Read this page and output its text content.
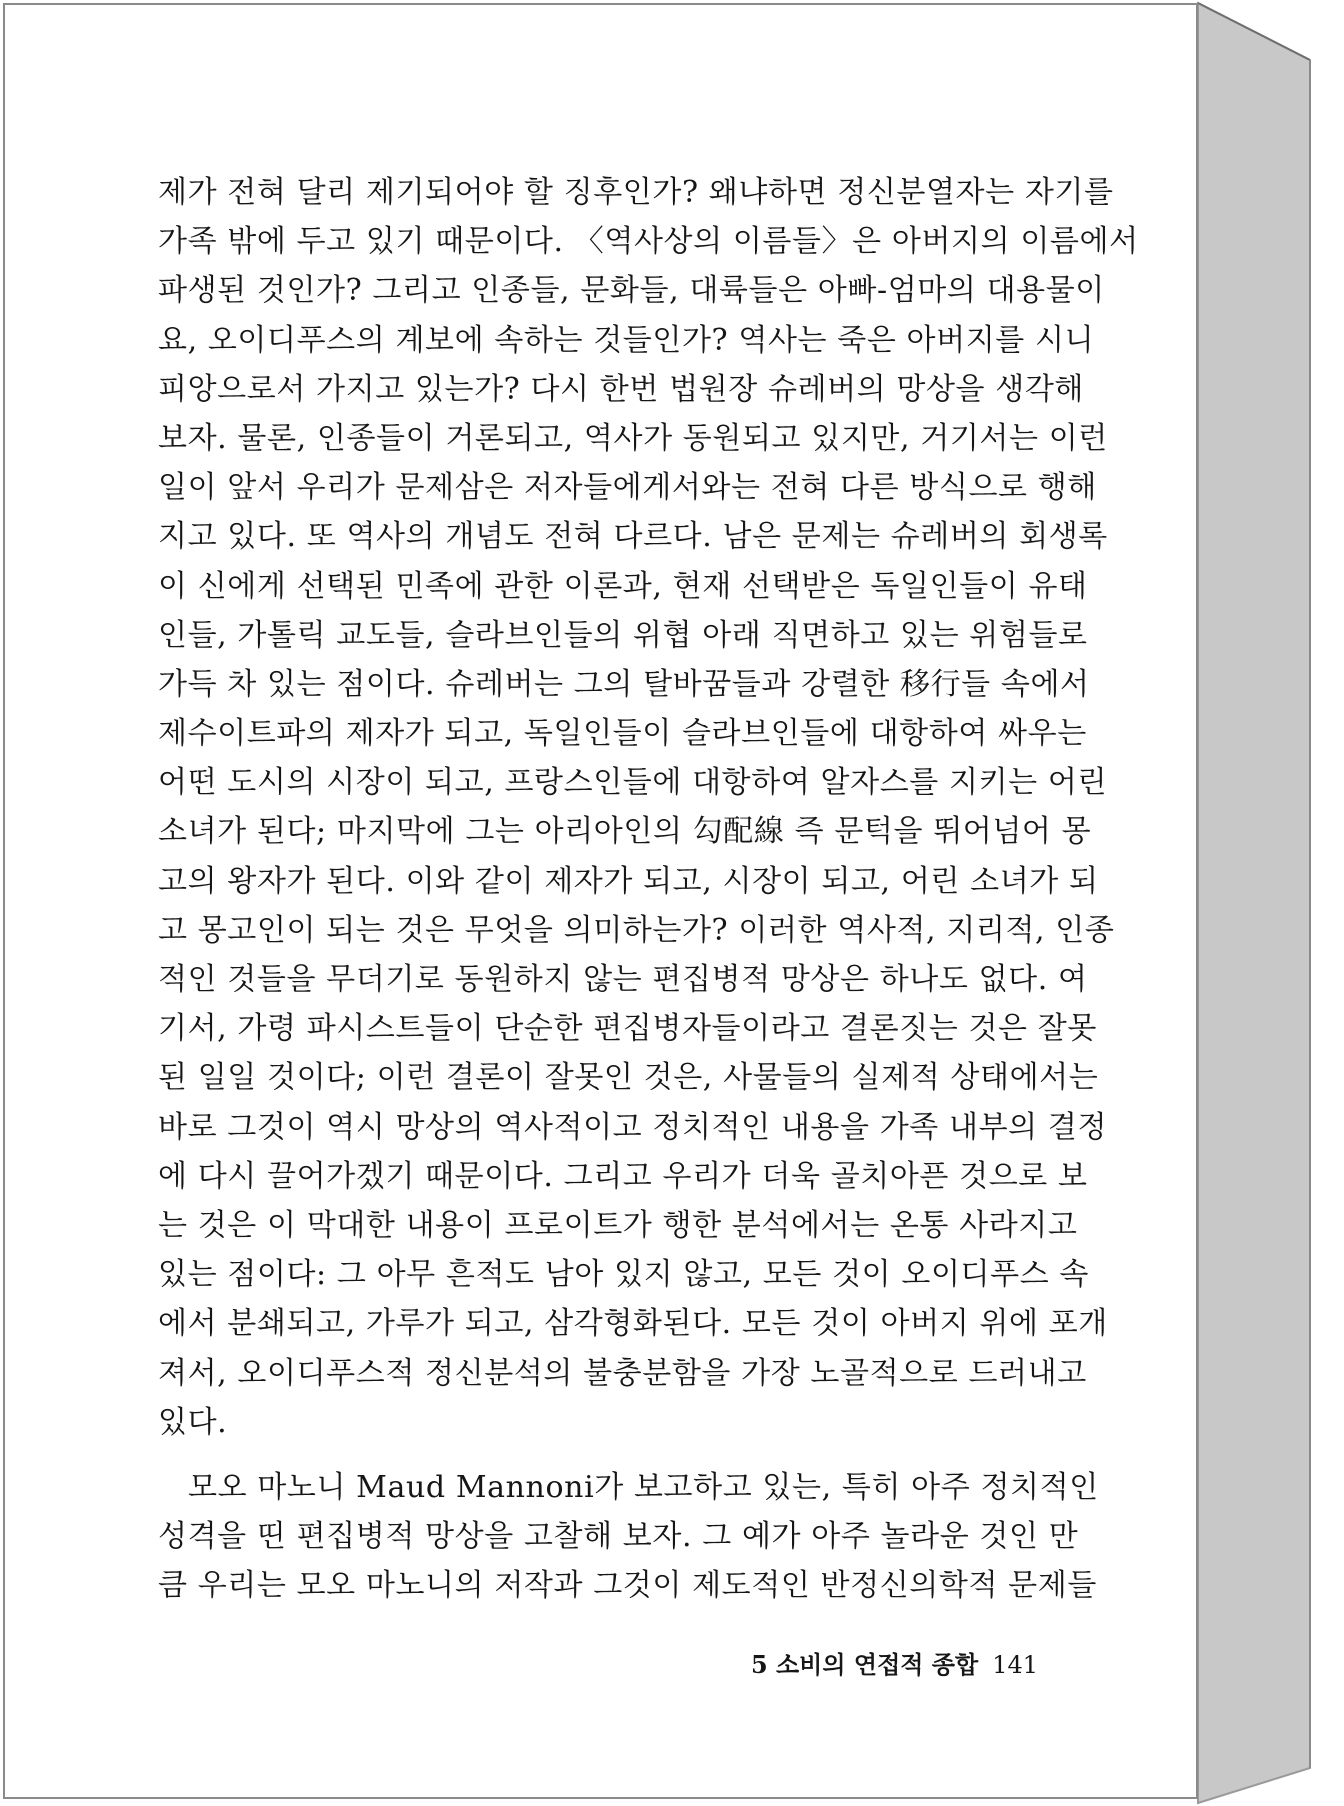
제가 전혀 달리 제기되어야 할 징후인가? 왜냐하면 정신분열자는 자기를
가족 밖에 두고 있기 때문이다. 〈역사상의 이름들〉은 아버지의 이름에서
파생된 것인가? 그리고 인종들, 문화들, 대륙들은 아빠-엄마의 대용물이
요, 오이디푸스의 계보에 속하는 것들인가? 역사는 죽은 아버지를 시니
피앙으로서 가지고 있는가? 다시 한번 법원장 슈레버의 망상을 생각해
보자. 물론, 인종들이 거론되고, 역사가 동원되고 있지만, 거기서는 이런
일이 앞서 우리가 문제삼은 저자들에게서와는 전혀 다른 방식으로 행해
지고 있다. 또 역사의 개념도 전혀 다르다. 남은 문제는 슈레버의 회생록
이 신에게 선택된 민족에 관한 이론과, 현재 선택받은 독일인들이 유태
인들, 가톨릭 교도들, 슬라브인들의 위협 아래 직면하고 있는 위험들로
가득 차 있는 점이다. 슈레버는 그의 탈바꿈들과 강렬한 移行들 속에서
제수이트파의 제자가 되고, 독일인들이 슬라브인들에 대항하여 싸우는
어떤 도시의 시장이 되고, 프랑스인들에 대항하여 알자스를 지키는 어린
소녀가 된다; 마지막에 그는 아리아인의 勾配線 즉 문턱을 뛰어넘어 몽
고의 왕자가 된다. 이와 같이 제자가 되고, 시장이 되고, 어린 소녀가 되
고 몽고인이 되는 것은 무엇을 의미하는가? 이러한 역사적, 지리적, 인종
적인 것들을 무더기로 동원하지 않는 편집병적 망상은 하나도 없다. 여
기서, 가령 파시스트들이 단순한 편집병자들이라고 결론짓는 것은 잘못
된 일일 것이다; 이런 결론이 잘못인 것은, 사물들의 실제적 상태에서는
바로 그것이 역시 망상의 역사적이고 정치적인 내용을 가족 내부의 결정
에 다시 끌어가겠기 때문이다. 그리고 우리가 더욱 골치아픈 것으로 보
는 것은 이 막대한 내용이 프로이트가 행한 분석에서는 온통 사라지고
있는 점이다: 그 아무 흔적도 남아 있지 않고, 모든 것이 오이디푸스 속
에서 분쇄되고, 가루가 되고, 삼각형화된다. 모든 것이 아버지 위에 포개
져서, 오이디푸스적 정신분석의 불충분함을 가장 노골적으로 드러내고
있다.
모오 마노니 Maud Mannoni가 보고하고 있는, 특히 아주 정치적인
성격을 띤 편집병적 망상을 고찰해 보자. 그 예가 아주 놀라운 것인 만
큼 우리는 모오 마노니의 저작과 그것이 제도적인 반정신의학적 문제들
5 소비의 연접적 종합 141
